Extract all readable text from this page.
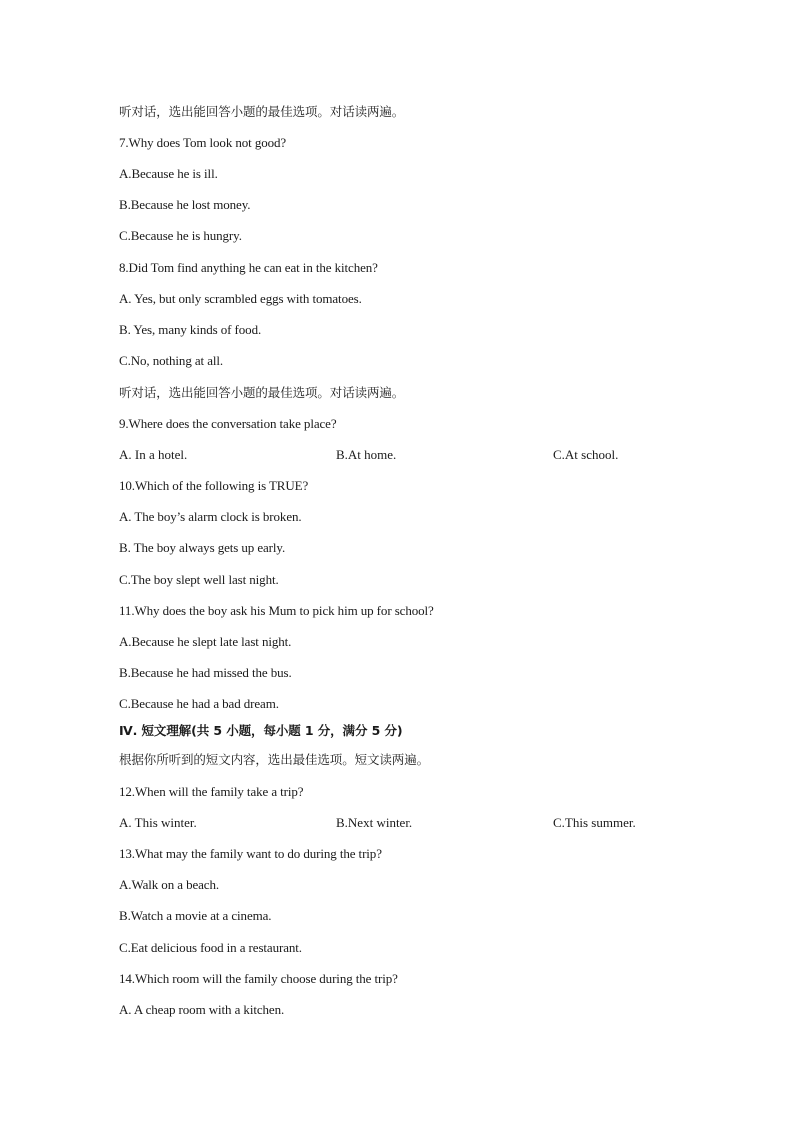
听对话，选出能回答小题的最佳选项。对话读两遍。
7.Why does Tom look not good?
A.Because he is ill.
B.Because he lost money.
C.Because he is hungry.
8.Did Tom find anything he can eat in the kitchen?
A. Yes, but only scrambled eggs with tomatoes.
B. Yes, many kinds of food.
C.No, nothing at all.
听对话，选出能回答小题的最佳选项。对话读两遍。
9.Where does the conversation take place?
A. In a hotel.	B.At home.	C.At school.
10.Which of the following is TRUE?
A. The boy’s alarm clock is broken.
B. The boy always gets up early.
C.The boy slept well last night.
11.Why does the boy ask his Mum to pick him up for school?
A.Because he slept late last night.
B.Because he had missed the bus.
C.Because he had a bad dream.
Ⅳ. 短文理解(共 5 小题，每小题 1 分，满分 5 分)
根据你所听到的短文内容，选出最佳选项。短文读两遍。
12.When will the family take a trip?
A. This winter.	B.Next winter.	C.This summer.
13.What may the family want to do during the trip?
A.Walk on a beach.
B.Watch a movie at a cinema.
C.Eat delicious food in a restaurant.
14.Which room will the family choose during the trip?
A. A cheap room with a kitchen.
